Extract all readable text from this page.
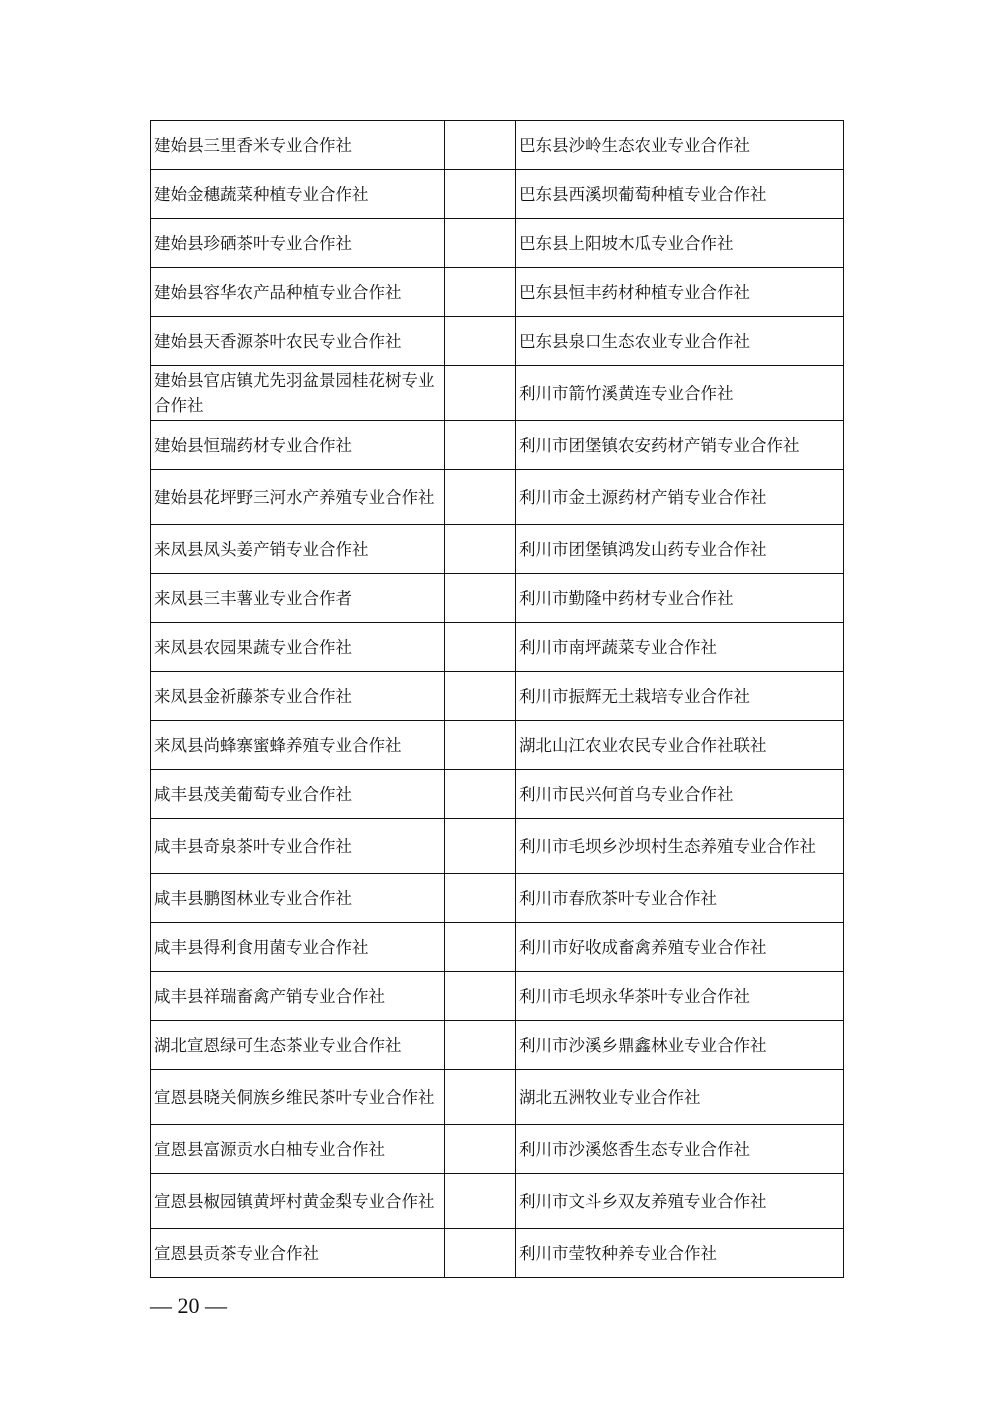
建始县三里香米专业合作社		巴东县沙岭生态农业专业合作社
建始金穗蔬菜种植专业合作社		巴东县西溪坝葡萄种植专业合作社
建始县珍硒茶叶专业合作社		巴东县上阳坡木瓜专业合作社
建始县容华农产品种植专业合作社		巴东县恒丰药材种植专业合作社
建始县天香源茶叶农民专业合作社		巴东县泉口生态农业专业合作社
建始县官店镇尤先羽盆景园桂花树专业合作社		利川市箭竹溪黄连专业合作社
建始县恒瑞药材专业合作社		利川市团堡镇农安药材产销专业合作社
建始县花坪野三河水产养殖专业合作社		利川市金土源药材产销专业合作社
来凤县凤头姜产销专业合作社		利川市团堡镇鸿发山药专业合作社
来凤县三丰薯业专业合作者		利川市勤隆中药材专业合作社
来凤县农园果蔬专业合作社		利川市南坪蔬菜专业合作社
来凤县金祈藤茶专业合作社		利川市振辉无土栽培专业合作社
来凤县尚蜂寨蜜蜂养殖专业合作社		湖北山江农业农民专业合作社联社
咸丰县茂美葡萄专业合作社		利川市民兴何首乌专业合作社
咸丰县奇泉茶叶专业合作社		利川市毛坝乡沙坝村生态养殖专业合作社
咸丰县鹏图林业专业合作社		利川市春欣茶叶专业合作社
咸丰县得利食用菌专业合作社		利川市好收成畜禽养殖专业合作社
咸丰县祥瑞畜禽产销专业合作社		利川市毛坝永华茶叶专业合作社
湖北宣恩绿可生态茶业专业合作社		利川市沙溪乡鼎鑫林业专业合作社
宣恩县晓关侗族乡维民茶叶专业合作社		湖北五洲牧业专业合作社
宣恩县富源贡水白柚专业合作社		利川市沙溪悠香生态专业合作社
宣恩县椒园镇黄坪村黄金梨专业合作社		利川市文斗乡双友养殖专业合作社
宣恩县贡茶专业合作社		利川市莹牧种养专业合作社
— 20 —
